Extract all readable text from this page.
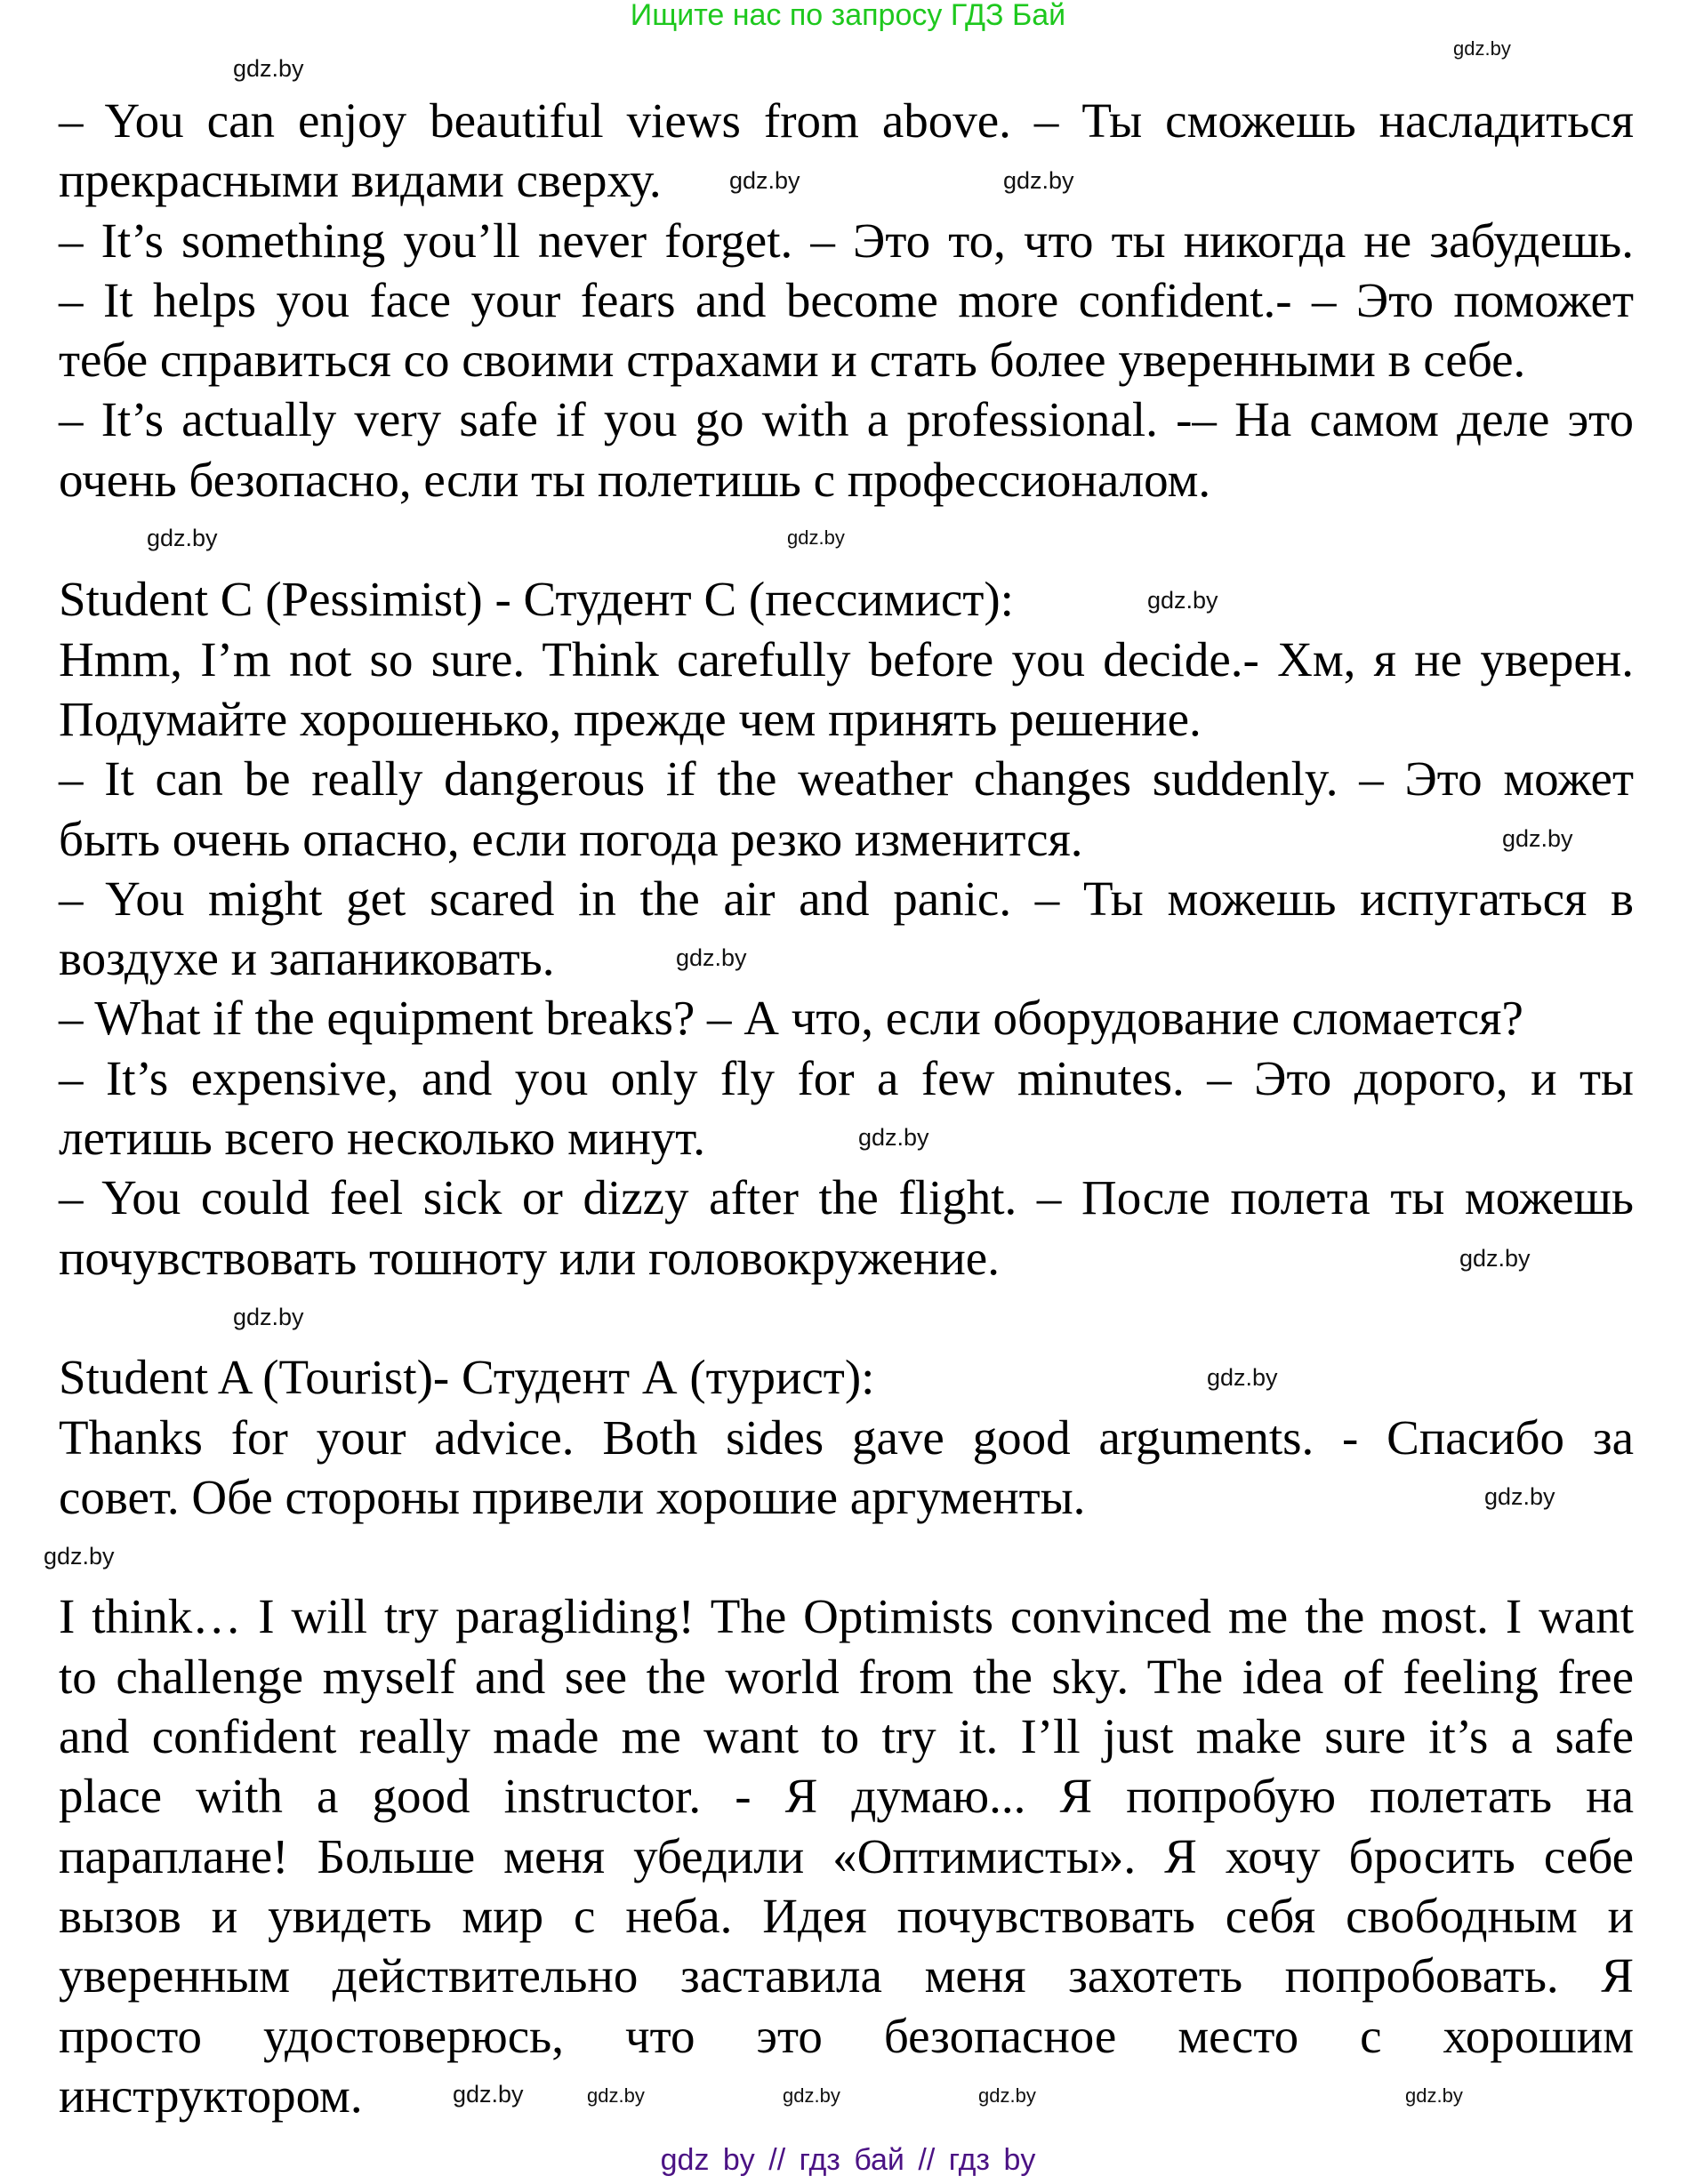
Ищите нас по запросу ГДЗ Бай
– You can enjoy beautiful views from above. – Ты сможешь насладиться
прекрасными видами сверху.
– It’s something you’ll never forget. – Это то, что ты никогда не забудешь.
– It helps you face your fears and become more confident.- – Это поможет
тебе справиться со своими страхами и стать более уверенными в себе.
– It’s actually very safe if you go with a professional. -– На самом деле это
очень безопасно, если ты полетишь с профессионалом.
Student C (Pessimist) - Студент С (пессимист):
Hmm, I’m not so sure. Think carefully before you decide.- Хм, я не уверен.
Подумайте хорошенько, прежде чем принять решение.
– It can be really dangerous if the weather changes suddenly. – Это может
быть очень опасно, если погода резко изменится.
– You might get scared in the air and panic. – Ты можешь испугаться в
воздухе и запаниковать.
– What if the equipment breaks? – А что, если оборудование сломается?
– It’s expensive, and you only fly for a few minutes. – Это дорого, и ты
летишь всего несколько минут.
– You could feel sick or dizzy after the flight. – После полета ты можешь
почувствовать тошноту или головокружение.
Student A (Tourist)- Студент А (турист):
Thanks for your advice. Both sides gave good arguments. - Спасибо за
совет. Обе стороны привели хорошие аргументы.
I think… I will try paragliding! The Optimists convinced me the most. I want
to challenge myself and see the world from the sky. The idea of feeling free
and confident really made me want to try it. I’ll just make sure it’s a safe
place with a good instructor. - Я думаю... Я попробую полетать на
параплане! Больше меня убедили «Оптимисты». Я хочу бросить себе
вызов и увидеть мир с неба. Идея почувствовать себя свободным и
уверенным действительно заставила меня захотеть попробовать. Я
просто удостоверюсь, что это безопасное место с хорошим
инструктором.
gdz.by
gdz.by
gdz.by	gdz.by
gdz.by
gdz.by
gdz.by
gdz.by
gdz.by
gdz.by
gdz.by
gdz.by
gdz.by
gdz.by
gdz.by
gdz.by	gdz.by	gdz.by	gdz.by
gdz.by
gdz by // гдз бай // гдз by
